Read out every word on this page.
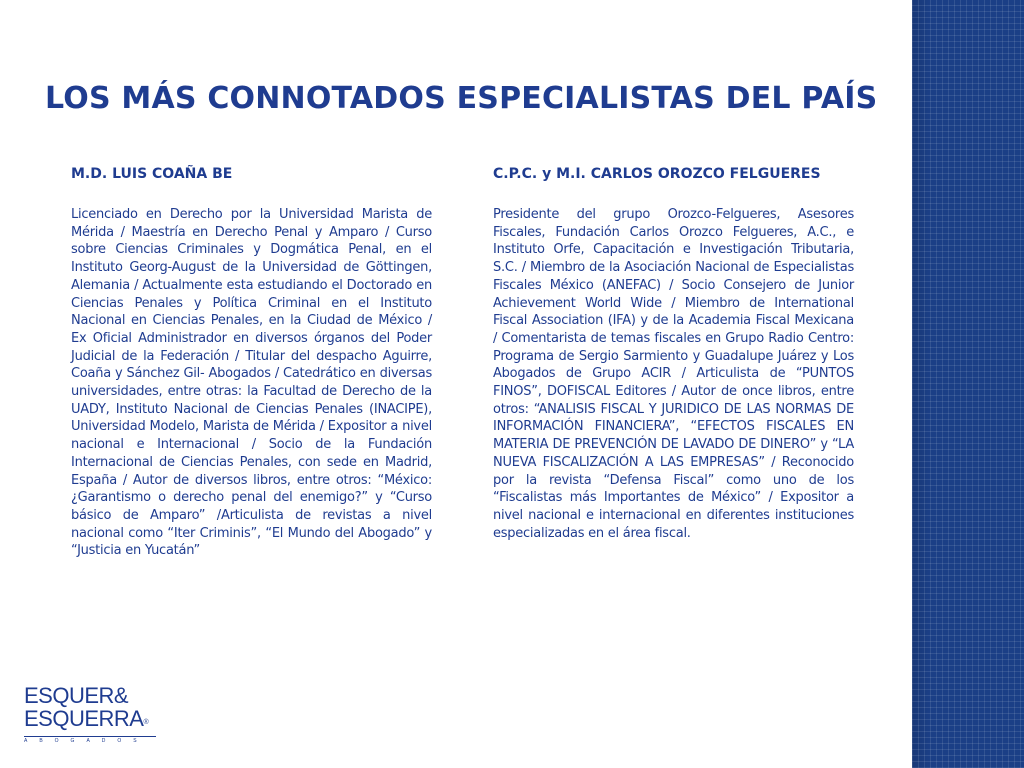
LOS MÁS CONNOTADOS ESPECIALISTAS DEL PAÍS
M.D. LUIS COAÑA BE

Licenciado en Derecho por la Universidad Marista de Mérida / Maestría en Derecho Penal y Amparo / Curso sobre Ciencias Criminales y Dogmática Penal, en el Instituto Georg-August de la Universidad de Göttingen, Alemania / Actualmente esta estudiando el Doctorado en Ciencias Penales y Política Criminal en el Instituto Nacional en Ciencias Penales, en la Ciudad de México / Ex Oficial Administrador en diversos órganos del Poder Judicial de la Federación / Titular del despacho Aguirre, Coaña y Sánchez Gil- Abogados / Catedrático en diversas universidades, entre otras: la Facultad de Derecho de la UADY, Instituto Nacional de Ciencias Penales (INACIPE), Universidad Modelo, Marista de Mérida / Expositor a nivel nacional e Internacional / Socio de la Fundación Internacional de Ciencias Penales, con sede en Madrid, España / Autor de diversos libros, entre otros: “México: ¿Garantismo o derecho penal del enemigo?” y “Curso básico de Amparo” /Articulista de revistas a nivel nacional como “Iter Criminis”, “El Mundo del Abogado” y “Justicia en Yucatán”

C.P.C. y M.I. CARLOS OROZCO FELGUERES

Presidente del grupo Orozco-Felgueres, Asesores Fiscales, Fundación Carlos Orozco Felgueres, A.C., e Instituto Orfe, Capacitación e Investigación Tributaria, S.C. / Miembro de la Asociación Nacional de Especialistas Fiscales México (ANEFAC) / Socio Consejero de Junior Achievement World Wide / Miembro de International Fiscal Association (IFA) y de la Academia Fiscal Mexicana / Comentarista de temas fiscales en Grupo Radio Centro: Programa de Sergio Sarmiento y Guadalupe Juárez y Los Abogados de Grupo ACIR / Articulista de “PUNTOS FINOS”, DOFISCAL Editores / Autor de once libros, entre otros: “ANALISIS FISCAL Y JURIDICO DE LAS NORMAS DE INFORMACIÓN FINANCIERA”, “EFECTOS FISCALES EN MATERIA DE PREVENCIÓN DE LAVADO DE DINERO” y “LA NUEVA FISCALIZACIÓN A LAS EMPRESAS” / Reconocido por la revista “Defensa Fiscal” como uno de los “Fiscalistas más Importantes de México” / Expositor a nivel nacional e internacional en diferentes instituciones especializadas en el área fiscal.

ESQUER&
ESQUERRA®
ABOGADOS
